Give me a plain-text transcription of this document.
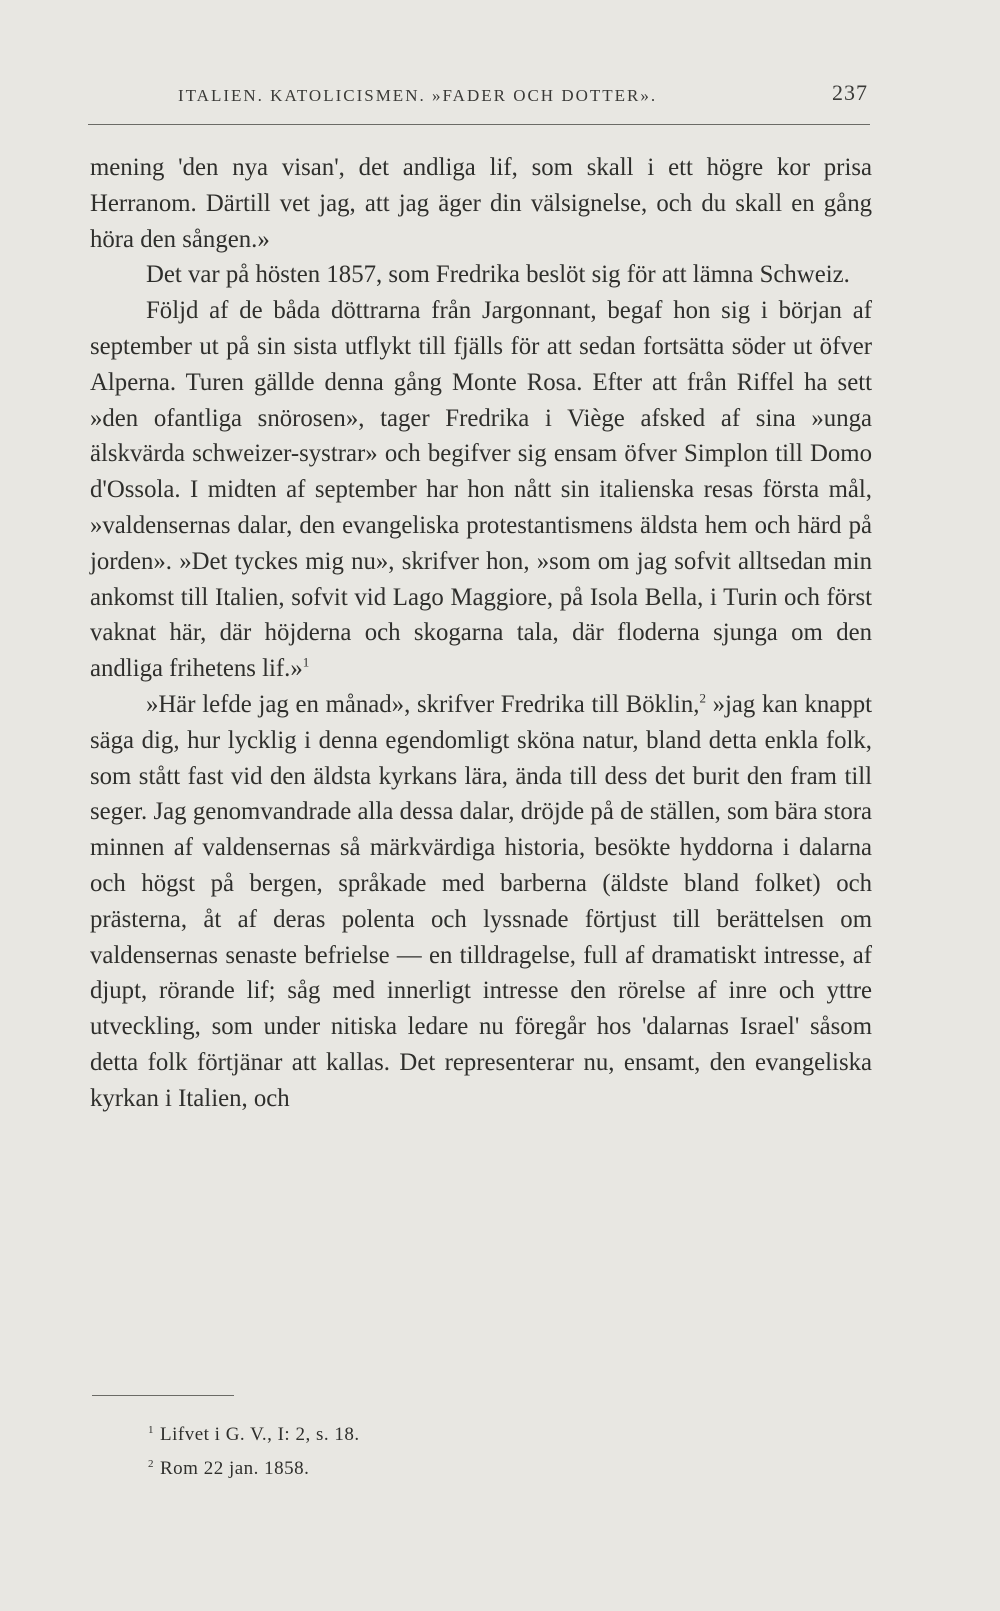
ITALIEN. KATOLICISMEN. »FADER OCH DOTTER».	237

mening 'den nya visan', det andliga lif, som skall i ett högre kor prisa Herranom. Därtill vet jag, att jag äger din välsignelse, och du skall en gång höra den sången.»

Det var på hösten 1857, som Fredrika beslöt sig för att lämna Schweiz.

Följd af de båda döttrarna från Jargonnant, begaf hon sig i början af september ut på sin sista utflykt till fjälls för att sedan fortsätta söder ut öfver Alperna. Turen gällde denna gång Monte Rosa. Efter att från Riffel ha sett »den ofantliga snörosen», tager Fredrika i Viège afsked af sina »unga älskvärda schweizer-systrar» och begifver sig ensam öfver Simplon till Domo d'Ossola. I midten af september har hon nått sin italienska resas första mål, »valdensernas dalar, den evangeliska protestantismens äldsta hem och härd på jorden». »Det tyckes mig nu», skrifver hon, »som om jag sofvit alltsedan min ankomst till Italien, sofvit vid Lago Maggiore, på Isola Bella, i Turin och först vaknat här, där höjderna och skogarna tala, där floderna sjunga om den andliga frihetens lif.»$^1$

»Här lefde jag en månad», skrifver Fredrika till Böklin,$^2$ »jag kan knappt säga dig, hur lycklig i denna egendomligt sköna natur, bland detta enkla folk, som stått fast vid den äldsta kyrkans lära, ända till dess det burit den fram till seger. Jag genomvandrade alla dessa dalar, dröjde på de ställen, som bära stora minnen af valdensernas så märkvärdiga historia, besökte hyddorna i dalarna och högst på bergen, språkade med barberna (äldste bland folket) och prästerna, åt af deras polenta och lyssnade förtjust till berättelsen om valdensernas senaste befrielse — en tilldragelse, full af dramatiskt intresse, af djupt, rörande lif; såg med innerligt intresse den rörelse af inre och yttre utveckling, som under nitiska ledare nu föregår hos 'dalarnas Israel' såsom detta folk förtjänar att kallas. Det representerar nu, ensamt, den evangeliska kyrkan i Italien, och

$^1$ Lifvet i G. V., I: 2, s. 18.
$^2$ Rom 22 jan. 1858.
